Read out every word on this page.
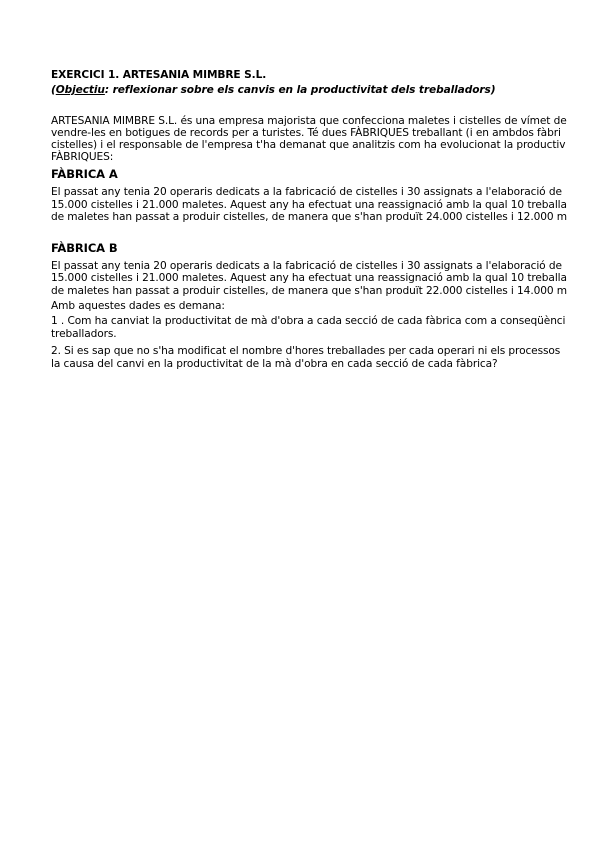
EXERCICI 1. ARTESANIA MIMBRE S.L.
(Objectiu: reflexionar sobre els canvis en la productivitat dels treballadors)
ARTESANIA MIMBRE S.L. és una empresa majorista que confecciona maletes i cistelles de vímet de
vendre-les en botigues de records per a turistes. Té dues FÀBRIQUES treballant (i en ambdos fàbri
cistelles) i el responsable de l'empresa t'ha demanat que analitzis com ha evolucionat la productiv
FÀBRIQUES:
FÀBRICA A
El passat any tenia 20 operaris dedicats a la fabricació de cistelles i 30 assignats a l'elaboració de
15.000 cistelles i 21.000 maletes. Aquest any ha efectuat una reassignació amb la qual 10 treballa
de maletes han passat a produir cistelles, de manera que s'han produït 24.000 cistelles i 12.000 m
FÀBRICA B
El passat any tenia 20 operaris dedicats a la fabricació de cistelles i 30 assignats a l'elaboració de
15.000 cistelles i 21.000 maletes. Aquest any ha efectuat una reassignació amb la qual 10 treballa
de maletes han passat a produir cistelles, de manera que s'han produït 22.000 cistelles i 14.000 m
Amb aquestes dades es demana:
1 . Com ha canviat la productivitat de mà d'obra a cada secció de cada fàbrica com a conseqüènci
treballadors.
2. Si es sap que no s'ha modificat el nombre d'hores treballades per cada operari ni els processos
la causa del canvi en la productivitat de la mà d'obra en cada secció de cada fàbrica?
